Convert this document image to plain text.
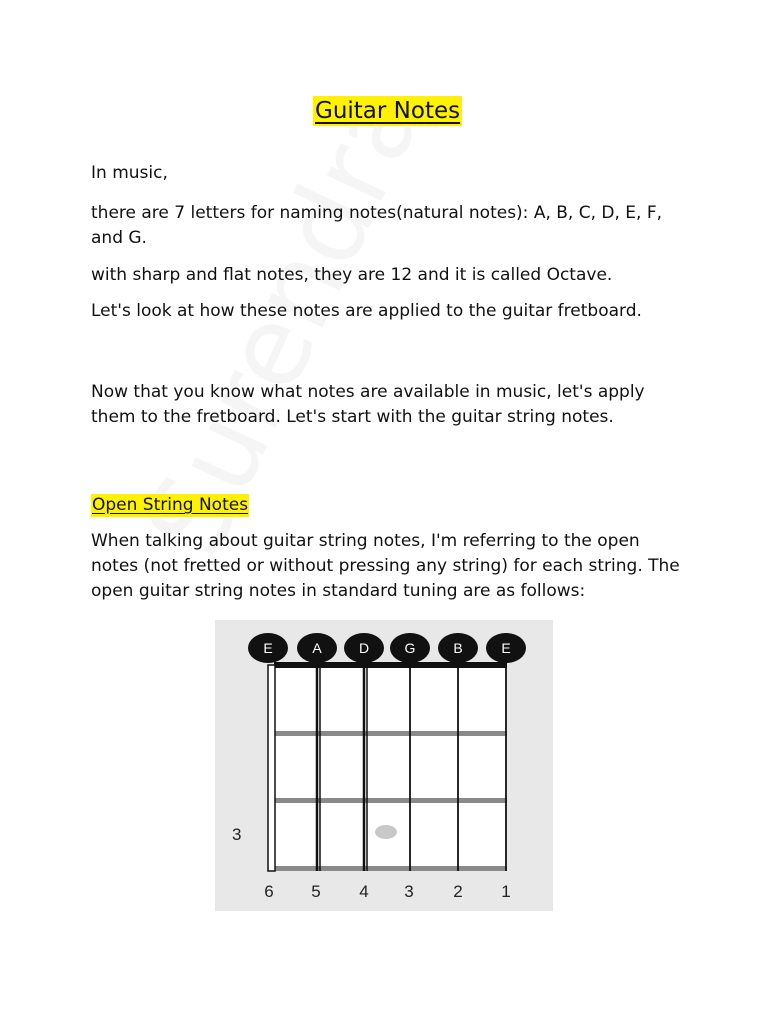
Guitar Notes

In music,

there are 7 letters for naming notes(natural notes): A, B, C, D, E, F, and G.

with sharp and flat notes, they are 12 and it is called Octave.

Let's look at how these notes are applied to the guitar fretboard.

Now that you know what notes are available in music, let's apply them to the fretboard. Let's start with the guitar string notes.

Open String Notes

When talking about guitar string notes, I'm referring to the open notes (not fretted or without pressing any string) for each string. The open guitar string notes in standard tuning are as follows:

E	A	D	G	B	E
6 5 4 3 2 1
3
